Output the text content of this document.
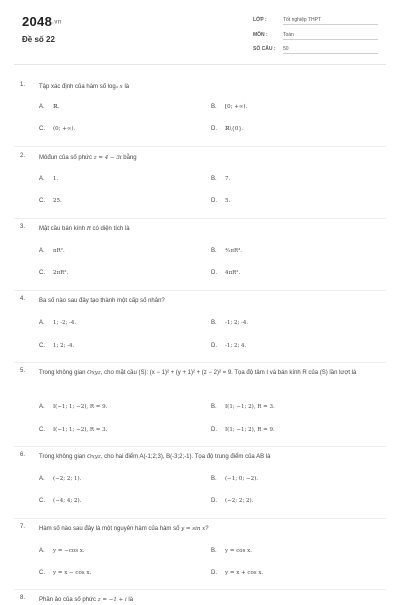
2048.vn
Đề số 22
LỚP :	Tốt nghiệp THPT
MÔN :	Toán
SỐ CÂU :	50
1. Tập xác định của hàm số log₃ x là
A. ℝ.	B. [0; +∞).
C. (0; +∞).	D. ℝ\{0}.
2. Môđun của số phức z = 4 − 3i bằng
A. 1.	B. 7.
C. 25.	D. 5.
3. Mặt cầu bán kính R có diện tích là
A. πR².	B. ⁴⁄₃πR³.
C. 2πR².	D. 4πR².
4. Ba số nào sau đây tạo thành một cấp số nhân?
A. 1; -2; -4.	B. -1; 2; -4.
C. 1; 2; -4.	D. -1; 2; 4.
5. Trong không gian Oxyz, cho mặt cầu (S): (x − 1)² + (y + 1)² + (z − 2)² = 9. Tọa độ tâm I và bán kính R của (S) lần lượt là
A. I(−1; 1; −2), R = 9.	B. I(1; −1; 2), R = 3.
C. I(−1; 1; −2), R = 3.	D. I(1; −1; 2), R = 9.
6. Trong không gian Oxyz, cho hai điểm A(-1;2;3), B(-3;2;-1). Tọa độ trung điểm của AB là
A. (−2; 2; 1).	B. (−1; 0; −2).
C. (−4; 4; 2).	D. (−2; 2; 2).
7. Hàm số nào sau đây là một nguyên hàm của hàm số y = sin x?
A. y = −cos x.	B. y = cos x.
C. y = x − cos x.	D. y = x + cos x.
8. Phần ảo của số phức z = −1 + i là
